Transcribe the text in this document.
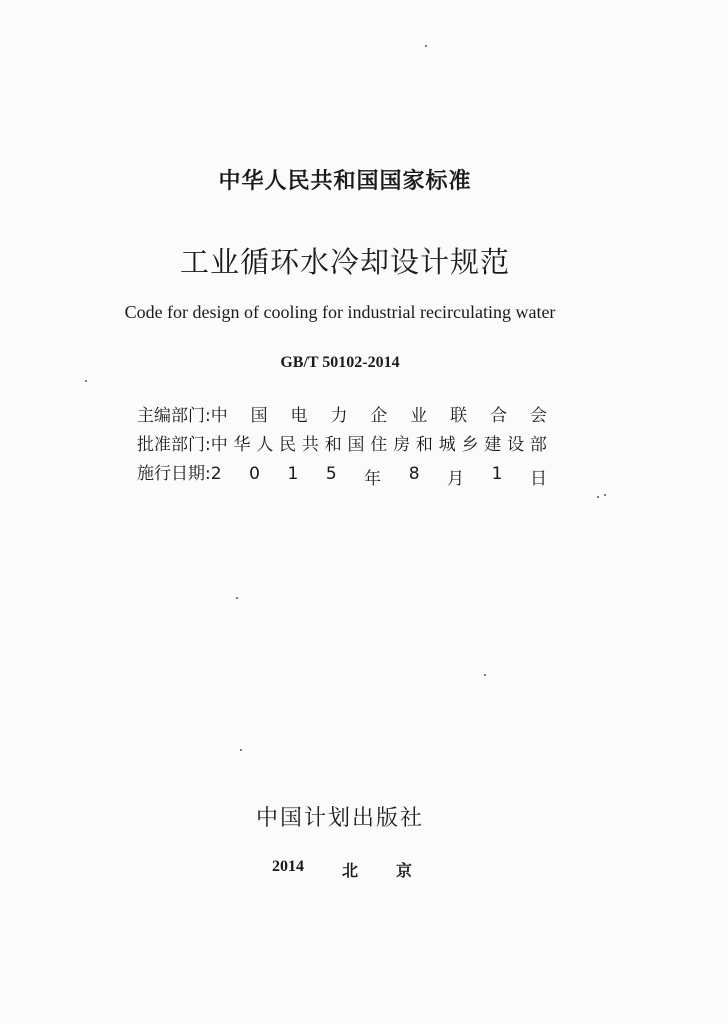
中华人民共和国国家标准
工业循环水冷却设计规范
Code for design of cooling for industrial recirculating water
GB/T 50102-2014
主编部门: 中 国 电 力 企 业 联 合 会
批准部门: 中 华 人 民 共 和 国 住 房 和 城 乡 建 设 部
施行日期: 2 0 1 5 年 8 月 1 日
中国计划出版社
2014 北 京
